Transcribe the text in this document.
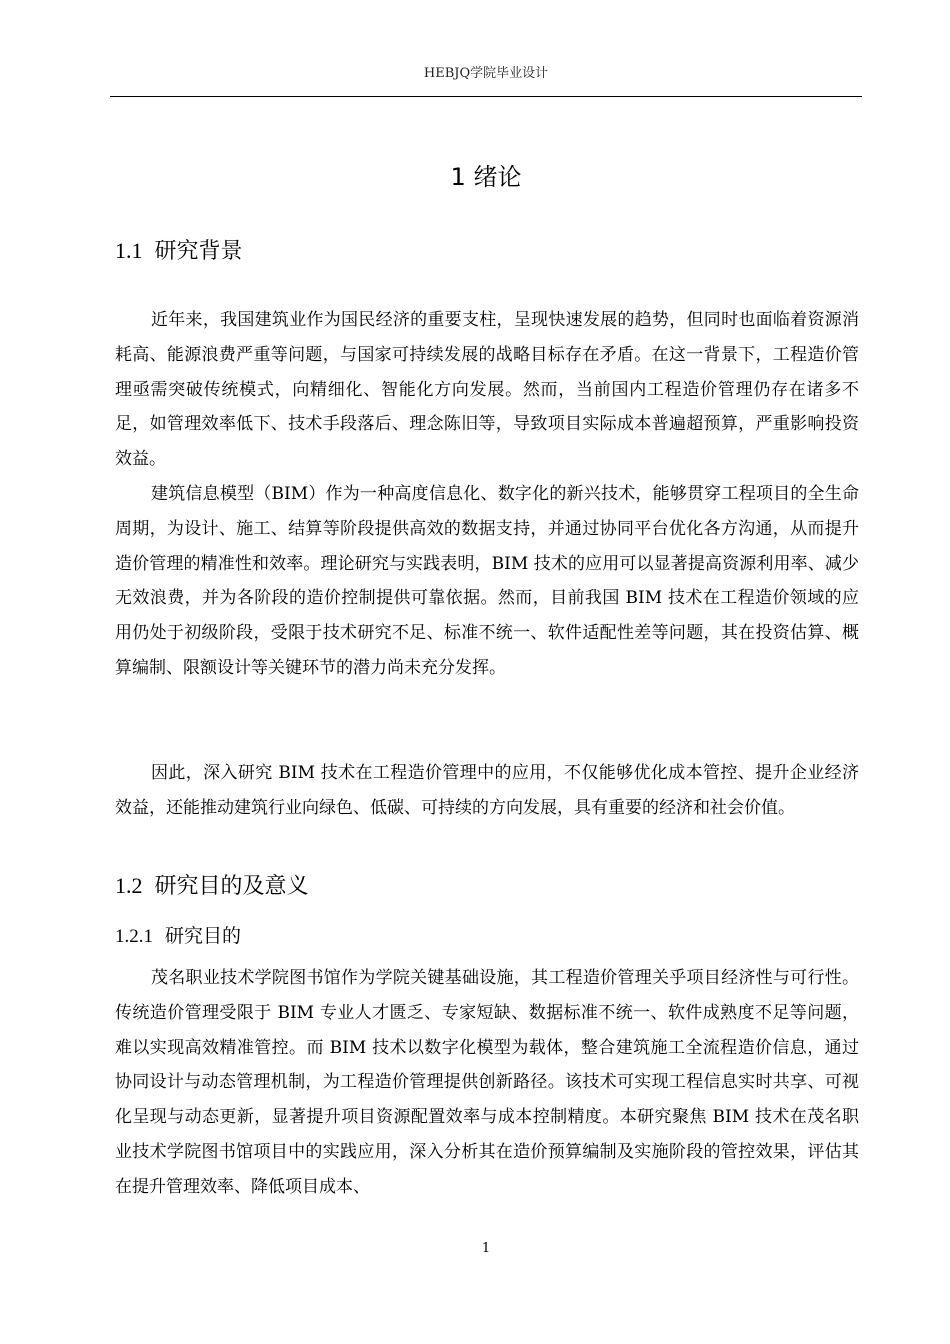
HEBJQ学院毕业设计
1 绪论
1.1 研究背景
近年来，我国建筑业作为国民经济的重要支柱，呈现快速发展的趋势，但同时也面临着资源消耗高、能源浪费严重等问题，与国家可持续发展的战略目标存在矛盾。在这一背景下，工程造价管理亟需突破传统模式，向精细化、智能化方向发展。然而，当前国内工程造价管理仍存在诸多不足，如管理效率低下、技术手段落后、理念陈旧等，导致项目实际成本普遍超预算，严重影响投资效益。
建筑信息模型（BIM）作为一种高度信息化、数字化的新兴技术，能够贯穿工程项目的全生命周期，为设计、施工、结算等阶段提供高效的数据支持，并通过协同平台优化各方沟通，从而提升造价管理的精准性和效率。理论研究与实践表明，BIM 技术的应用可以显著提高资源利用率、减少无效浪费，并为各阶段的造价控制提供可靠依据。然而，目前我国 BIM 技术在工程造价领域的应用仍处于初级阶段，受限于技术研究不足、标准不统一、软件适配性差等问题，其在投资估算、概算编制、限额设计等关键环节的潜力尚未充分发挥。
因此，深入研究 BIM 技术在工程造价管理中的应用，不仅能够优化成本管控、提升企业经济效益，还能推动建筑行业向绿色、低碳、可持续的方向发展，具有重要的经济和社会价值。
1.2 研究目的及意义
1.2.1 研究目的
茂名职业技术学院图书馆作为学院关键基础设施，其工程造价管理关乎项目经济性与可行性。传统造价管理受限于 BIM 专业人才匮乏、专家短缺、数据标准不统一、软件成熟度不足等问题，难以实现高效精准管控。而 BIM 技术以数字化模型为载体，整合建筑施工全流程造价信息，通过协同设计与动态管理机制，为工程造价管理提供创新路径。该技术可实现工程信息实时共享、可视化呈现与动态更新，显著提升项目资源配置效率与成本控制精度。本研究聚焦 BIM 技术在茂名职业技术学院图书馆项目中的实践应用，深入分析其在造价预算编制及实施阶段的管控效果，评估其在提升管理效率、降低项目成本、
1
